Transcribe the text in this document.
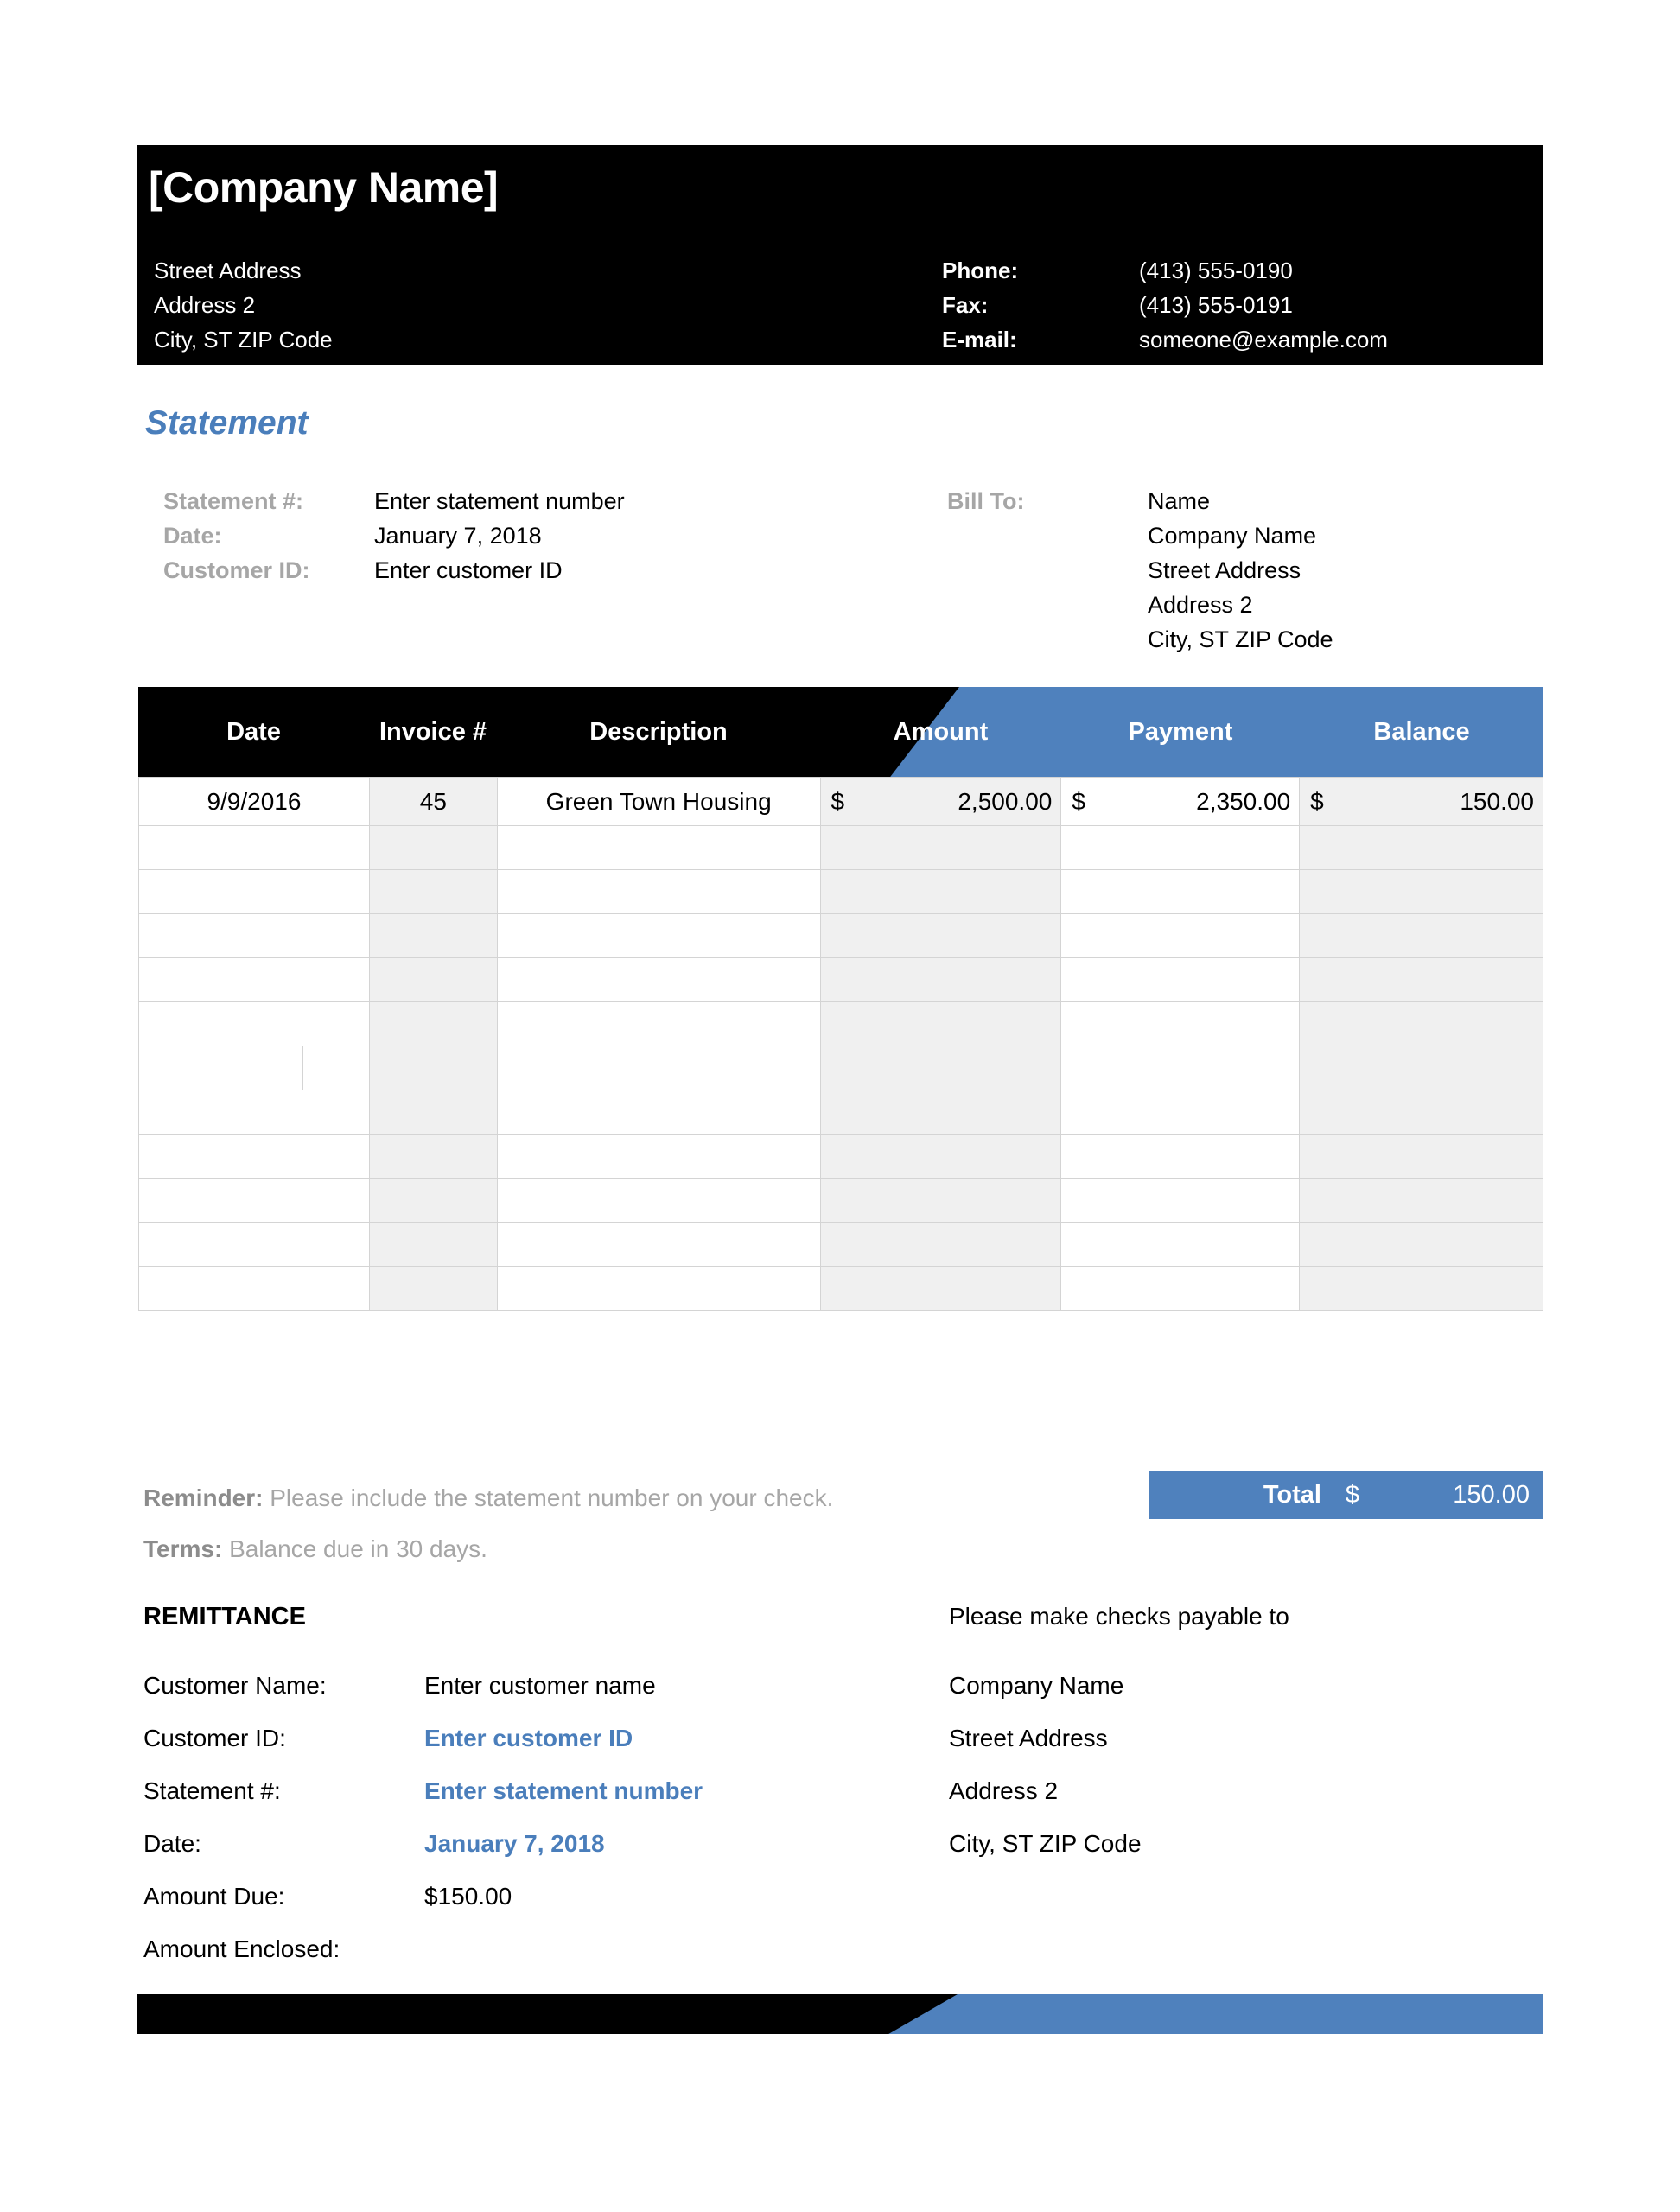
[Company Name]
Street Address
Address 2
City, ST ZIP Code
Phone:	(413) 555-0190
Fax:	(413) 555-0191
E-mail:	someone@example.com
Statement
Statement #:	Enter statement number
Date:	January 7, 2018
Customer ID:	Enter customer ID
Bill To:	Name
Company Name
Street Address
Address 2
City, ST ZIP Code
Date	Invoice #	Description	Amount	Payment	Balance
9/9/2016	45	Green Town Housing	$ 2,500.00	$ 2,350.00	$ 150.00

Total $	150.00
Reminder: Please include the statement number on your check.
Terms: Balance due in 30 days.
REMITTANCE
Customer Name:	Enter customer name
Customer ID:	Enter customer ID
Statement #:	Enter statement number
Date:	January 7, 2018
Amount Due:	$150.00
Amount Enclosed:
Please make checks payable to
Company Name
Street Address
Address 2
City, ST ZIP Code
